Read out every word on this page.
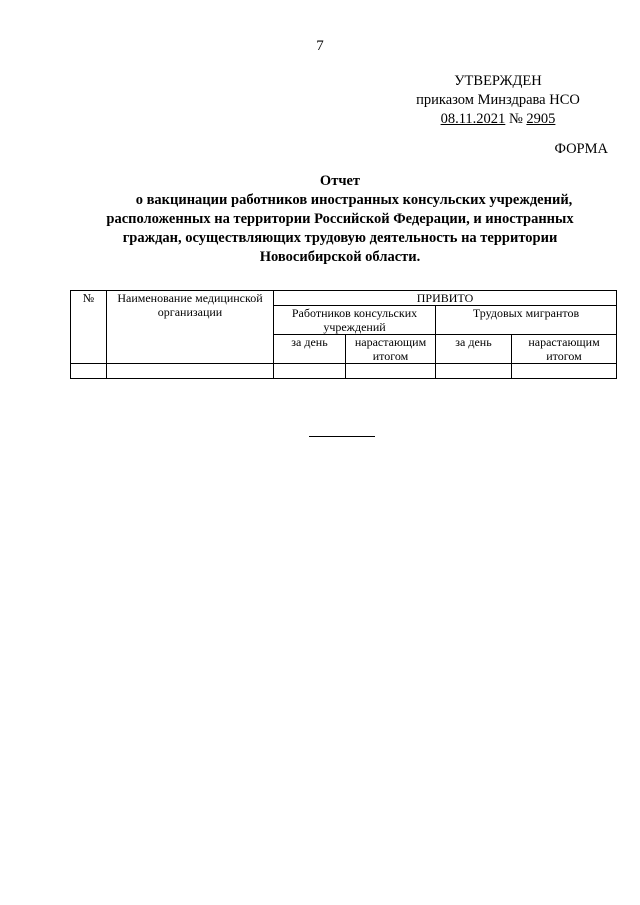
7
УТВЕРЖДЕН
приказом Минздрава НСО
08.11.2021 № 2905
ФОРМА
Отчет
о вакцинации работников иностранных консульских учреждений,
расположенных на территории Российской Федерации, и иностранных
граждан, осуществляющих трудовую деятельность на территории
Новосибирской области.
№	Наименование медицинской организации	ПРИВИТО			
		Работников консульских учреждений		Трудовых мигрантов	
		за день	нарастающим итогом	за день	нарастающим итогом
